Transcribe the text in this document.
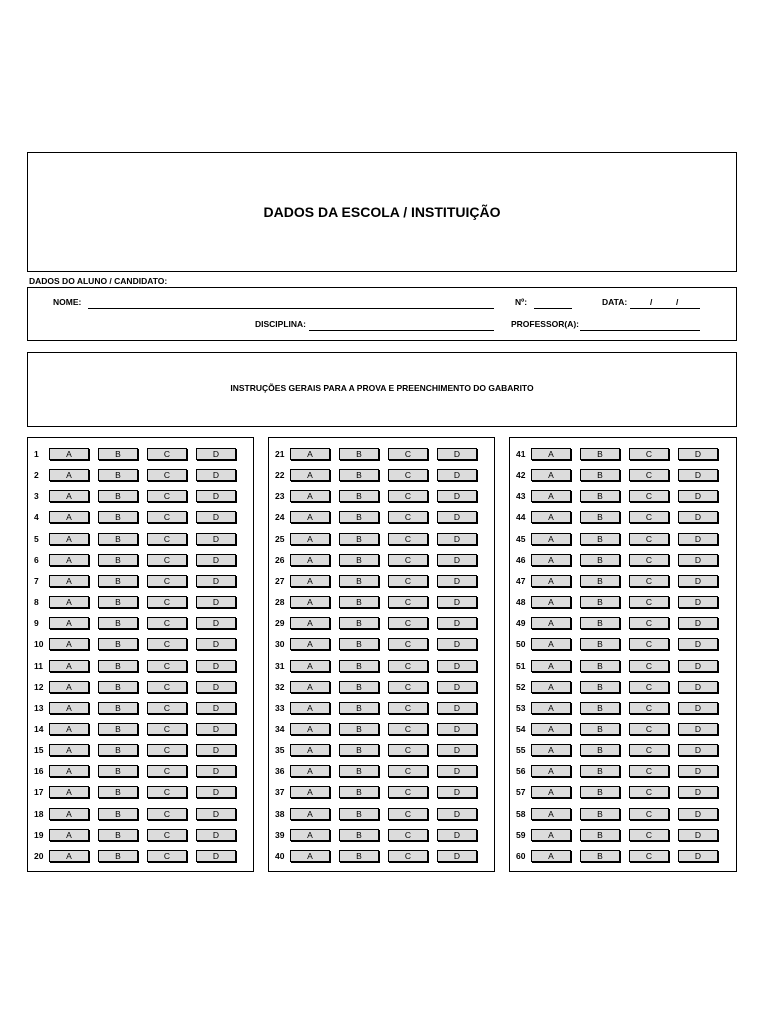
DADOS DA ESCOLA / INSTITUIÇÃO
DADOS DO ALUNO / CANDIDATO:
NOME:	Nº:	DATA:	/	/
DISCIPLINA:	PROFESSOR(A):
INSTRUÇÕES GERAIS PARA A PROVA E PREENCHIMENTO DO GABARITO
1	A	B	C	D
2	A	B	C	D
3	A	B	C	D
4	A	B	C	D
5	A	B	C	D
6	A	B	C	D
7	A	B	C	D
8	A	B	C	D
9	A	B	C	D
10	A	B	C	D
11	A	B	C	D
12	A	B	C	D
13	A	B	C	D
14	A	B	C	D
15	A	B	C	D
16	A	B	C	D
17	A	B	C	D
18	A	B	C	D
19	A	B	C	D
20	A	B	C	D
21	A	B	C	D
22	A	B	C	D
23	A	B	C	D
24	A	B	C	D
25	A	B	C	D
26	A	B	C	D
27	A	B	C	D
28	A	B	C	D
29	A	B	C	D
30	A	B	C	D
31	A	B	C	D
32	A	B	C	D
33	A	B	C	D
34	A	B	C	D
35	A	B	C	D
36	A	B	C	D
37	A	B	C	D
38	A	B	C	D
39	A	B	C	D
40	A	B	C	D
41	A	B	C	D
42	A	B	C	D
43	A	B	C	D
44	A	B	C	D
45	A	B	C	D
46	A	B	C	D
47	A	B	C	D
48	A	B	C	D
49	A	B	C	D
50	A	B	C	D
51	A	B	C	D
52	A	B	C	D
53	A	B	C	D
54	A	B	C	D
55	A	B	C	D
56	A	B	C	D
57	A	B	C	D
58	A	B	C	D
59	A	B	C	D
60	A	B	C	D
